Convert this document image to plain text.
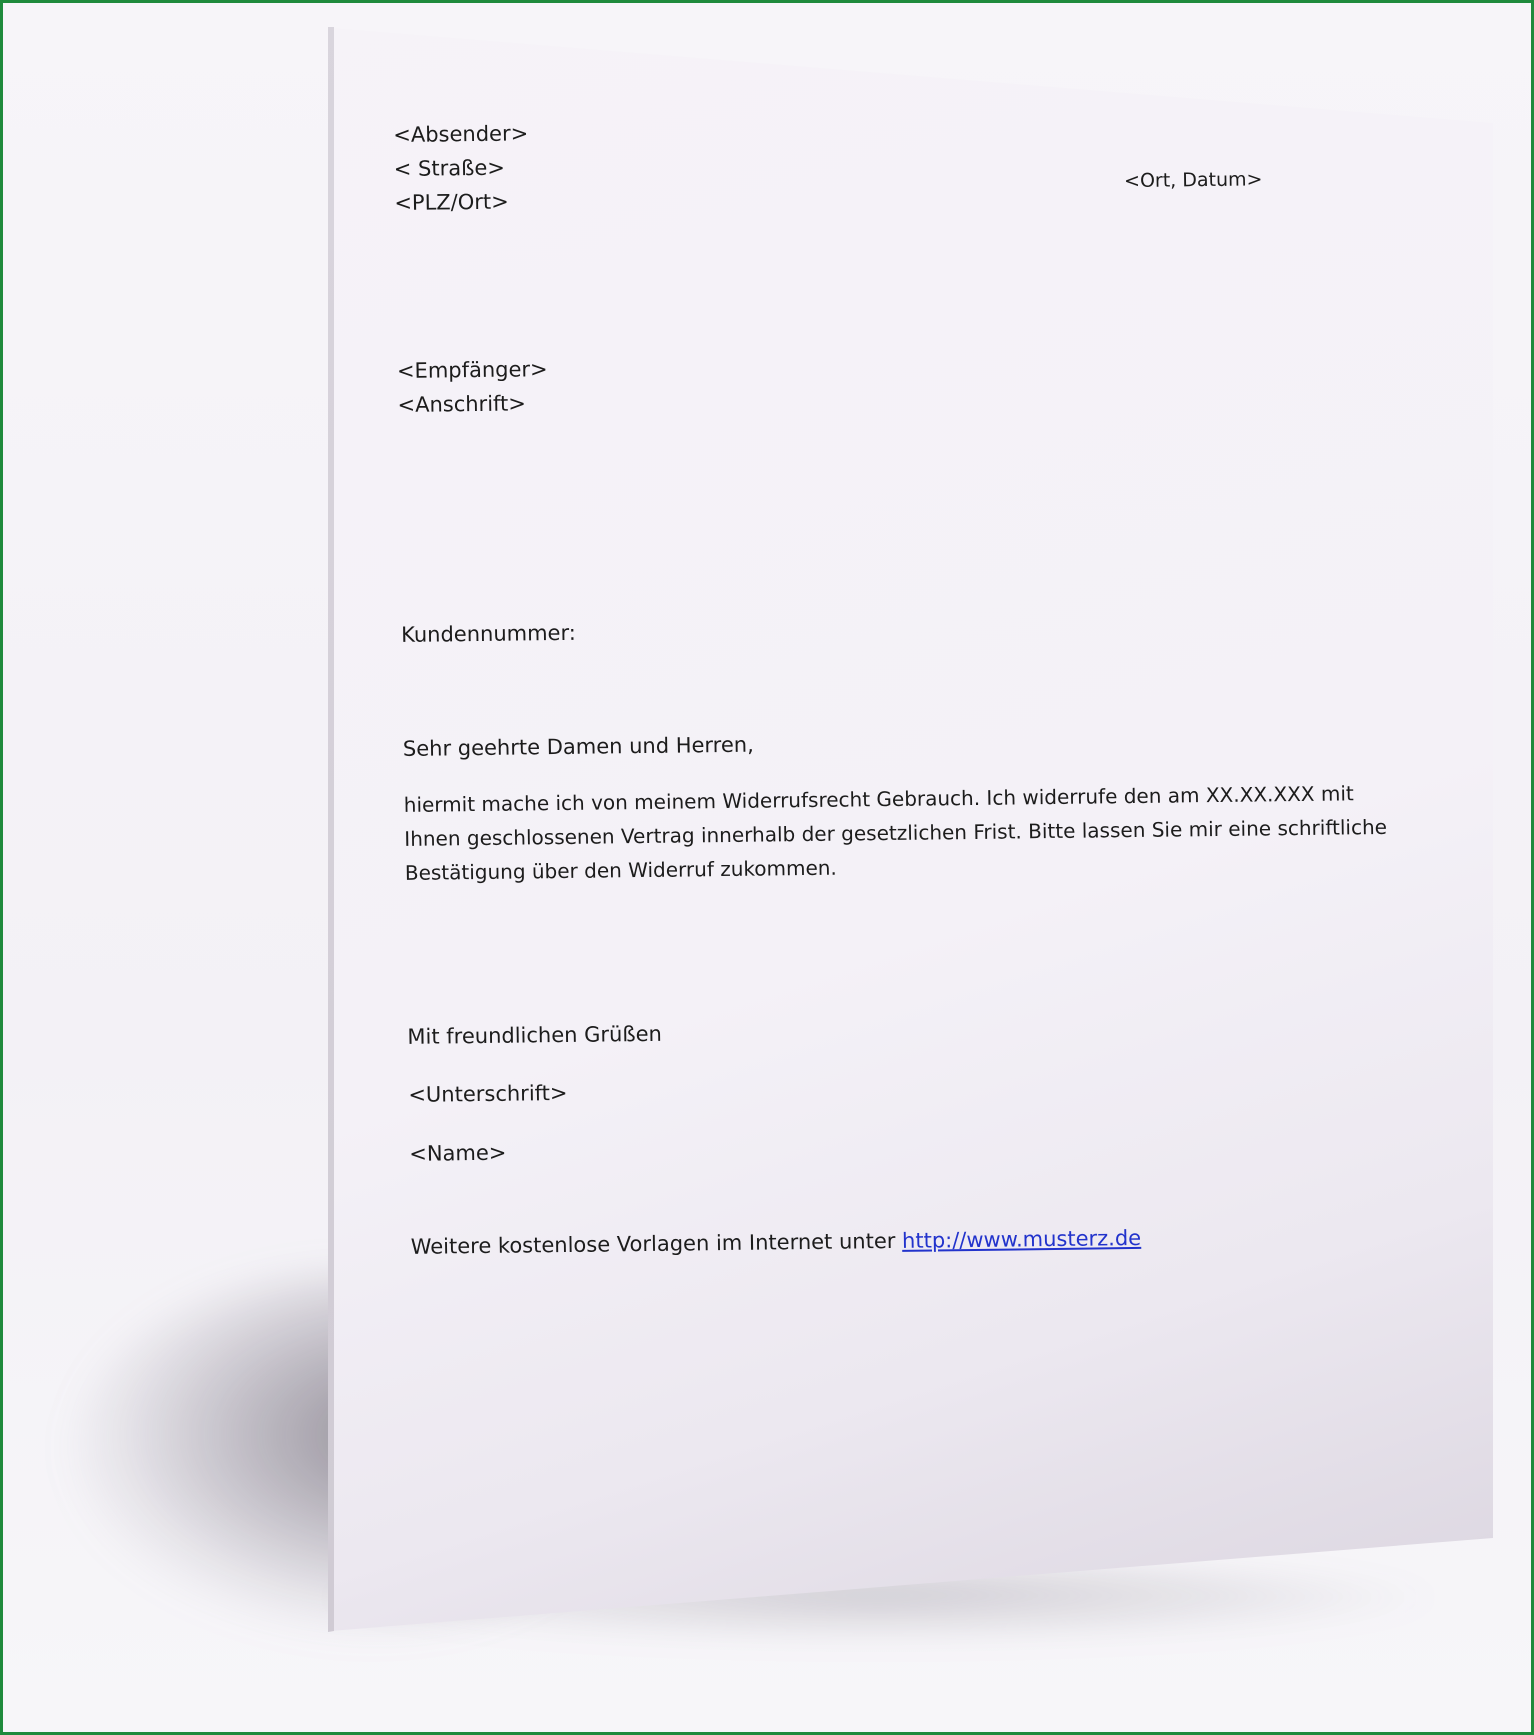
<Absender>
< Straße>
<PLZ/Ort>
<Ort, Datum>
<Empfänger>
<Anschrift>
Kundennummer:
Sehr geehrte Damen und Herren,
hiermit mache ich von meinem Widerrufsrecht Gebrauch. Ich widerrufe den am XX.XX.XXX mit Ihnen geschlossenen Vertrag innerhalb der gesetzlichen Frist. Bitte lassen Sie mir eine schriftliche Bestätigung über den Widerruf zukommen.
Mit freundlichen Grüßen
<Unterschrift>
<Name>
Weitere kostenlose Vorlagen im Internet unter http://www.musterz.de
